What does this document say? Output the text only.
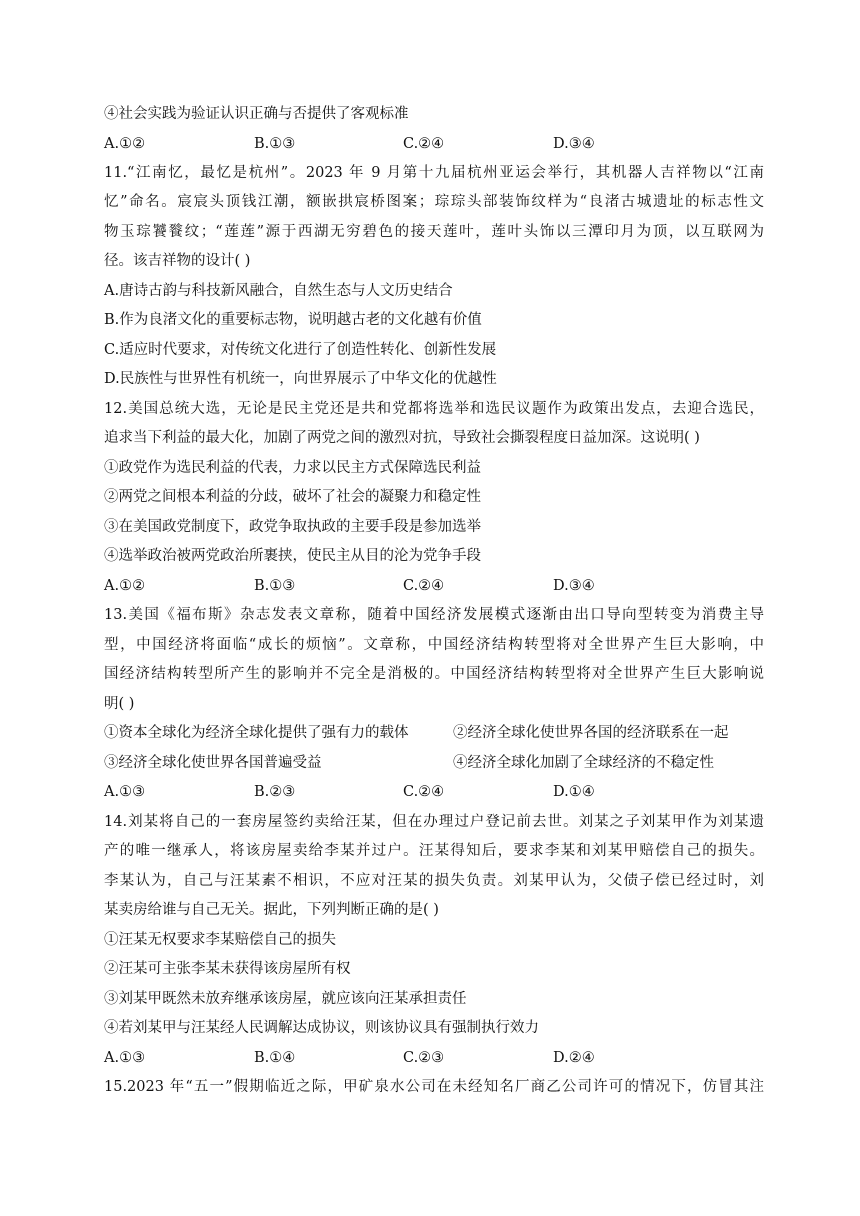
④社会实践为验证认识正确与否提供了客观标准
A.①②	B.①③	C.②④	D.③④
11.“江南忆，最忆是杭州”。2023 年 9 月第十九届杭州亚运会举行，其机器人吉祥物以“江南
忆”命名。宸宸头顶钱江潮，额嵌拱宸桥图案；琮琮头部装饰纹样为“良渚古城遗址的标志性文
物玉琮饕餮纹；“莲莲”源于西湖无穷碧色的接天莲叶，莲叶头饰以三潭印月为顶，以互联网为
径。该吉祥物的设计( )
A.唐诗古韵与科技新风融合，自然生态与人文历史结合
B.作为良渚文化的重要标志物，说明越古老的文化越有价值
C.适应时代要求，对传统文化进行了创造性转化、创新性发展
D.民族性与世界性有机统一，向世界展示了中华文化的优越性
12.美国总统大选，无论是民主党还是共和党都将选举和选民议题作为政策出发点，去迎合选民，
追求当下利益的最大化，加剧了两党之间的激烈对抗，导致社会撕裂程度日益加深。这说明( )
①政党作为选民利益的代表，力求以民主方式保障选民利益
②两党之间根本利益的分歧，破坏了社会的凝聚力和稳定性
③在美国政党制度下，政党争取执政的主要手段是参加选举
④选举政治被两党政治所裹挟，使民主从目的沦为党争手段
A.①②	B.①③	C.②④	D.③④
13.美国《福布斯》杂志发表文章称，随着中国经济发展模式逐渐由出口导向型转变为消费主导
型，中国经济将面临“成长的烦恼”。文章称，中国经济结构转型将对全世界产生巨大影响，中
国经济结构转型所产生的影响并不完全是消极的。中国经济结构转型将对全世界产生巨大影响说
明( )
①资本全球化为经济全球化提供了强有力的载体	②经济全球化使世界各国的经济联系在一起
③经济全球化使世界各国普遍受益	④经济全球化加剧了全球经济的不稳定性
A.①③	B.②③	C.②④	D.①④
14.刘某将自己的一套房屋签约卖给汪某，但在办理过户登记前去世。刘某之子刘某甲作为刘某遗
产的唯一继承人，将该房屋卖给李某并过户。汪某得知后，要求李某和刘某甲赔偿自己的损失。
李某认为，自己与汪某素不相识，不应对汪某的损失负责。刘某甲认为，父债子偿已经过时，刘
某卖房给谁与自己无关。据此，下列判断正确的是( )
①汪某无权要求李某赔偿自己的损失
②汪某可主张李某未获得该房屋所有权
③刘某甲既然未放弃继承该房屋，就应该向汪某承担责任
④若刘某甲与汪某经人民调解达成协议，则该协议具有强制执行效力
A.①③	B.①④	C.②③	D.②④
15.2023 年“五一”假期临近之际，甲矿泉水公司在未经知名厂商乙公司许可的情况下，仿冒其注
